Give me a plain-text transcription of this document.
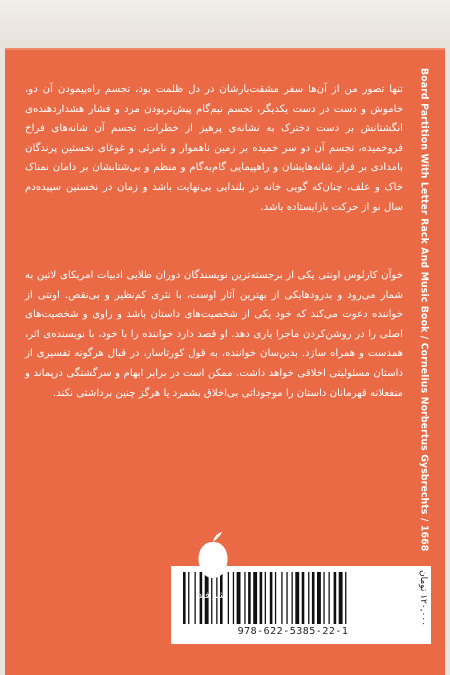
تنها تصور من از آن‌ها سفر مشقت‌بارشان در دل ظلمت بود، تجسم راه‌پیمودن آن دو، خاموش و دست در دست یکدیگر، تجسم نیم‌گام پیش‌تربودن مرد و فشار هشداردهنده‌ی انگشتانش بر دست دخترک به نشانه‌ی پرهیز از خطرات، تجسم آن شانه‌های فراخ فروخمیده، تجسم آن دو سر خمیده بر زمین ناهموار و نامرئی و غوغای نخستین پرندگان بامدادی بر فراز شانه‌هایشان و راهپیمایی گام‌به‌گام و منظم و بی‌شتابشان بر دامان نمناک خاک و علف، چنان‌که گویی خانه در بلندایی بی‌نهایت باشد و زمان در نخستین سپیده‌دم سال نو از حرکت بازایستاده باشد.

خوآن کارلوس اونتی یکی از برجسته‌ترین نویسندگان دوران طلایی ادبیات امریکای لاتین به شمار می‌رود و بدرود‌هایکی از بهترین آثار اوست، با نثری کم‌نظیر و بی‌نقص. اونتی از خواننده دعوت می‌کند که خود یکی از شخصیت‌های داستان باشد و راوی و شخصیت‌های اصلی را در روشن‌کردن ماجرا یاری دهد. او قصد دارد خواننده را با خود، با نویسنده‌ی اثر، همدست و همراه سازد. بدین‌سان خواننده، به قول کورتاسار، در قبال هرگونه تفسیری از داستان مسئولیتی اخلاقی خواهد داشت. ممکن است در برابر ابهام و سرگشتگی درپماند و منفعلانه قهرمانان داستان را موجوداتی بی‌اخلاق بشمرد یا هرگز چنین برداشتی نکند. Board Partition With Letter Rack And Music Book / Cornelius Norbertus Gysbrechts / 1668
978-622-5385-22-1
۱۲۰,۰۰۰ تومان
نشر فند
